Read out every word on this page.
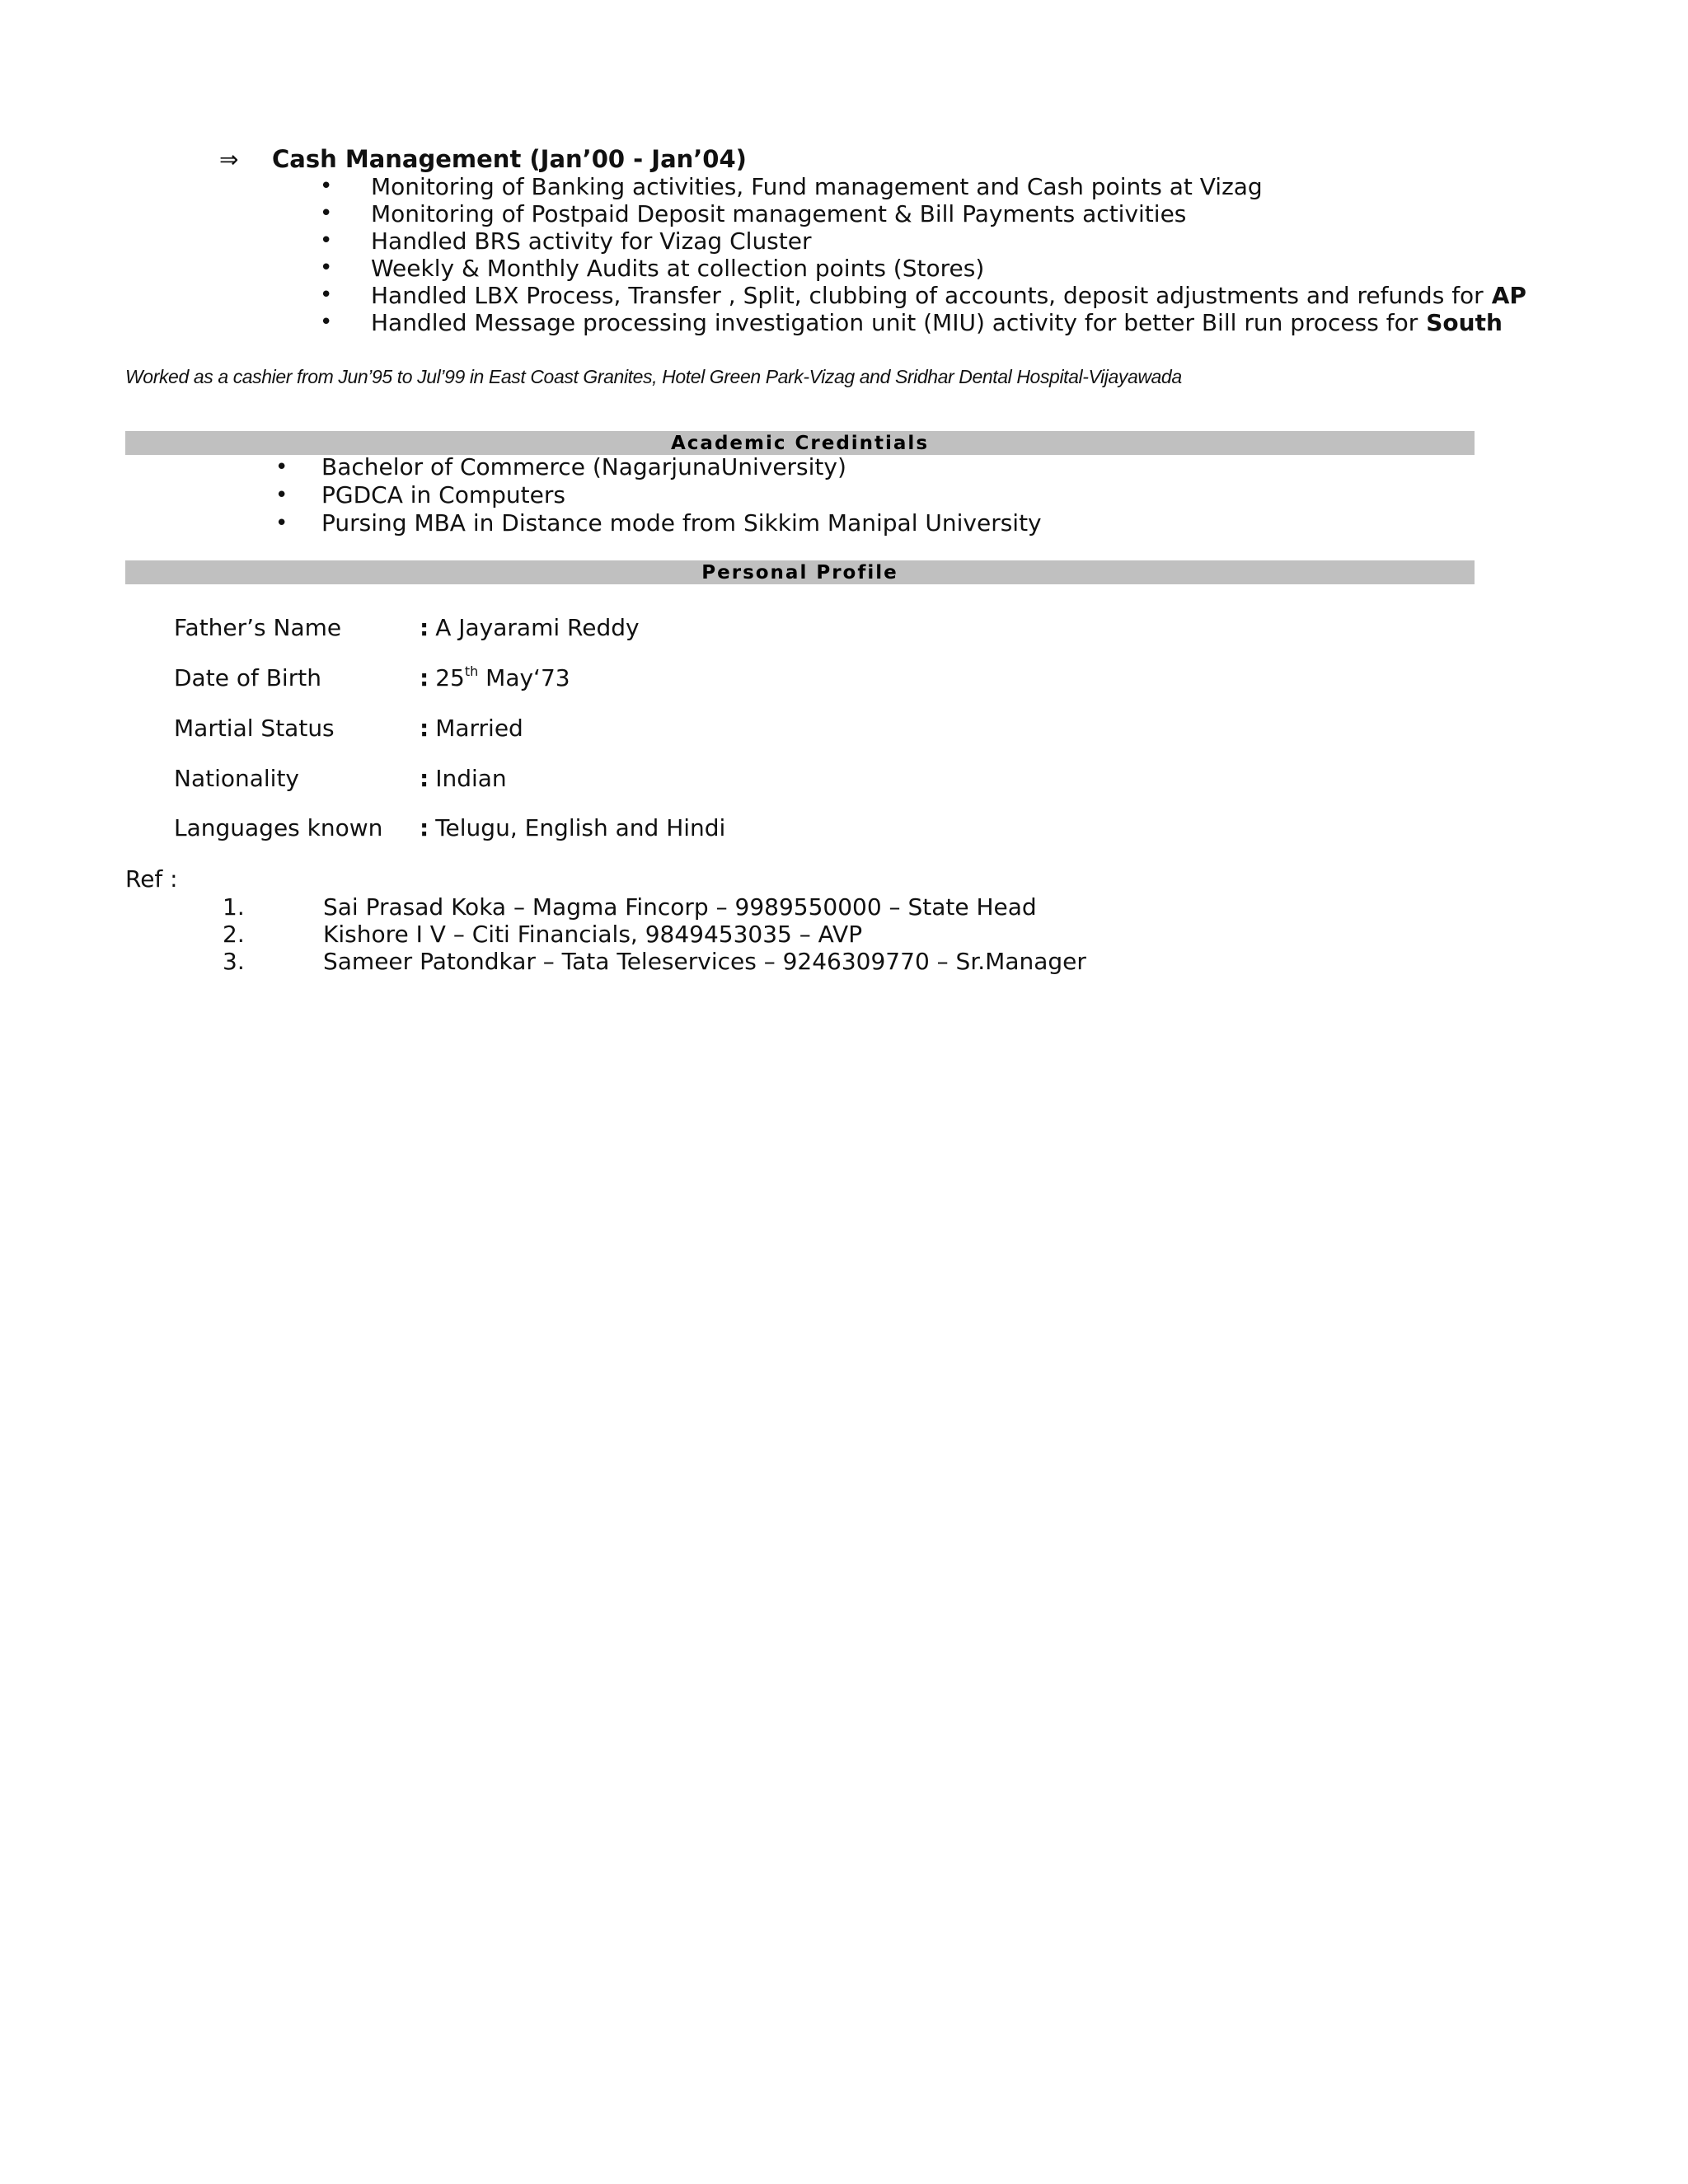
⇒ Cash Management (Jan’00 - Jan’04)
• Monitoring of Banking activities, Fund management and Cash points at Vizag
• Monitoring of Postpaid Deposit management & Bill Payments activities
• Handled BRS activity for Vizag Cluster
• Weekly & Monthly Audits at collection points (Stores)
• Handled LBX Process, Transfer , Split, clubbing of accounts, deposit adjustments and refunds for AP
• Handled Message processing investigation unit (MIU) activity for better Bill run process for South
Worked as a cashier from Jun’95 to Jul’99 in East Coast Granites, Hotel Green Park-Vizag and Sridhar Dental Hospital-Vijayawada
Academic Credintials
• Bachelor of Commerce (NagarjunaUniversity)
• PGDCA in Computers
• Pursing MBA in Distance mode from Sikkim Manipal University
Personal Profile
Father’s Name	: A Jayarami Reddy
Date of Birth	: 25th May‘73
Martial Status	: Married
Nationality	: Indian
Languages known : Telugu, English and Hindi
Ref :
1.	Sai Prasad Koka – Magma Fincorp – 9989550000 – State Head
2.	Kishore I V – Citi Financials, 9849453035 – AVP
3.	Sameer Patondkar – Tata Teleservices – 9246309770 – Sr.Manager
